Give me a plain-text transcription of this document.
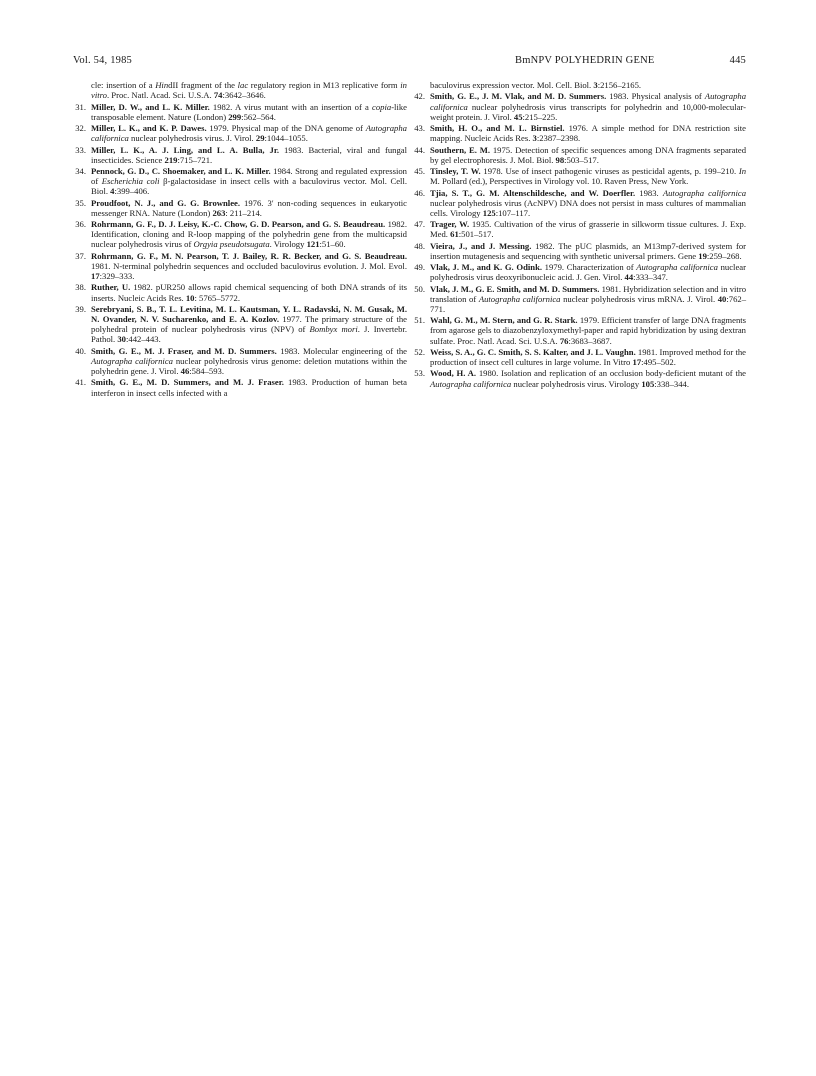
Vol. 54, 1985	BmNPV POLYHEDRIN GENE	445
cle: insertion of a HindII fragment of the lac regulatory region in M13 replicative form in vitro. Proc. Natl. Acad. Sci. U.S.A. 74:3642–3646.
31. Miller, D. W., and L. K. Miller. 1982. A virus mutant with an insertion of a copia-like transposable element. Nature (London) 299:562–564.
32. Miller, L. K., and K. P. Dawes. 1979. Physical map of the DNA genome of Autographa californica nuclear polyhedrosis virus. J. Virol. 29:1044–1055.
33. Miller, L. K., A. J. Ling, and L. A. Bulla, Jr. 1983. Bacterial, viral and fungal insecticides. Science 219:715–721.
34. Pennock, G. D., C. Shoemaker, and L. K. Miller. 1984. Strong and regulated expression of Escherichia coli β-galactosidase in insect cells with a baculovirus vector. Mol. Cell. Biol. 4:399–406.
35. Proudfoot, N. J., and G. G. Brownlee. 1976. 3′ non-coding sequences in eukaryotic messenger RNA. Nature (London) 263: 211–214.
36. Rohrmann, G. F., D. J. Leisy, K.-C. Chow, G. D. Pearson, and G. S. Beaudreau. 1982. Identification, cloning and R-loop mapping of the polyhedrin gene from the multicapsid nuclear polyhedrosis virus of Orgyia pseudotsugata. Virology 121:51–60.
37. Rohrmann, G. F., M. N. Pearson, T. J. Bailey, R. R. Becker, and G. S. Beaudreau. 1981. N-terminal polyhedrin sequences and occluded baculovirus evolution. J. Mol. Evol. 17:329–333.
38. Ruther, U. 1982. pUR250 allows rapid chemical sequencing of both DNA strands of its inserts. Nucleic Acids Res. 10: 5765–5772.
39. Serebryani, S. B., T. L. Levitina, M. L. Kautsman, Y. L. Radavski, N. M. Gusak, M. N. Ovander, N. V. Sucharenko, and E. A. Kozlov. 1977. The primary structure of the polyhedral protein of nuclear polyhedrosis virus (NPV) of Bombyx mori. J. Invertebr. Pathol. 30:442–443.
40. Smith, G. E., M. J. Fraser, and M. D. Summers. 1983. Molecular engineering of the Autographa californica nuclear polyhedrosis virus genome: deletion mutations within the polyhedrin gene. J. Virol. 46:584–593.
41. Smith, G. E., M. D. Summers, and M. J. Fraser. 1983. Production of human beta interferon in insect cells infected with a
baculovirus expression vector. Mol. Cell. Biol. 3:2156–2165.
42. Smith, G. E., J. M. Vlak, and M. D. Summers. 1983. Physical analysis of Autographa californica nuclear polyhedrosis virus transcripts for polyhedrin and 10,000-molecular-weight protein. J. Virol. 45:215–225.
43. Smith, H. O., and M. L. Birnstiel. 1976. A simple method for DNA restriction site mapping. Nucleic Acids Res. 3:2387–2398.
44. Southern, E. M. 1975. Detection of specific sequences among DNA fragments separated by gel electrophoresis. J. Mol. Biol. 98:503–517.
45. Tinsley, T. W. 1978. Use of insect pathogenic viruses as pesticidal agents, p. 199–210. In M. Pollard (ed.), Perspectives in Virology vol. 10. Raven Press, New York.
46. Tjia, S. T., G. M. Altenschildesche, and W. Doerfler. 1983. Autographa californica nuclear polyhedrosis virus (AcNPV) DNA does not persist in mass cultures of mammalian cells. Virology 125:107–117.
47. Trager, W. 1935. Cultivation of the virus of grasserie in silkworm tissue cultures. J. Exp. Med. 61:501–517.
48. Vieira, J., and J. Messing. 1982. The pUC plasmids, an M13mp7-derived system for insertion mutagenesis and sequencing with synthetic universal primers. Gene 19:259–268.
49. Vlak, J. M., and K. G. Odink. 1979. Characterization of Autographa californica nuclear polyhedrosis virus deoxyribonucleic acid. J. Gen. Virol. 44:333–347.
50. Vlak, J. M., G. E. Smith, and M. D. Summers. 1981. Hybridization selection and in vitro translation of Autographa californica nuclear polyhedrosis virus mRNA. J. Virol. 40:762–771.
51. Wahl, G. M., M. Stern, and G. R. Stark. 1979. Efficient transfer of large DNA fragments from agarose gels to diazobenzyloxymethyl-paper and rapid hybridization by using dextran sulfate. Proc. Natl. Acad. Sci. U.S.A. 76:3683–3687.
52. Weiss, S. A., G. C. Smith, S. S. Kalter, and J. L. Vaughn. 1981. Improved method for the production of insect cell cultures in large volume. In Vitro 17:495–502.
53. Wood, H. A. 1980. Isolation and replication of an occlusion body-deficient mutant of the Autographa californica nuclear polyhedrosis virus. Virology 105:338–344.
